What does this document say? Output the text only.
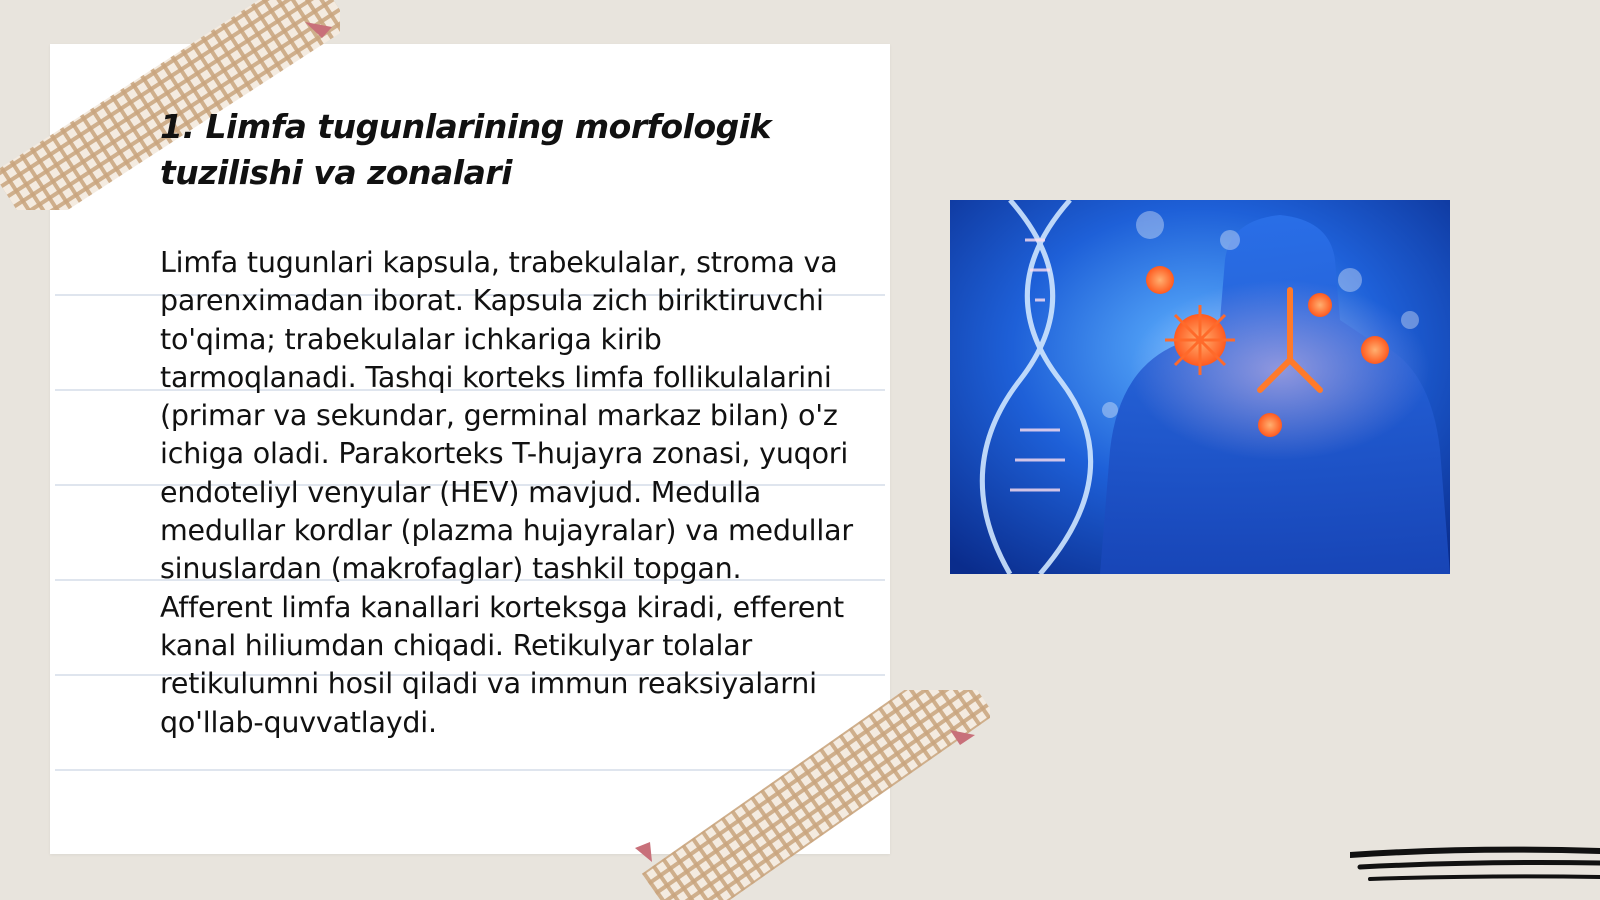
1. Limfa tugunlarining morfologik tuzilishi va zonalari

Limfa tugunlari kapsula, trabekulalar, stroma va parenximadan iborat. Kapsula zich biriktiruvchi to'qima; trabekulalar ichkariga kirib tarmoqlanadi. Tashqi korteks limfa follikulalarini (primar va sekundar, germinal markaz bilan) o'z ichiga oladi. Parakorteks T-hujayra zonasi, yuqori endoteliyl venyular (HEV) mavjud. Medulla medullar kordlar (plazma hujayralar) va medullar sinuslardan (makrofaglar) tashkil topgan. Afferent limfa kanallari korteksga kiradi, efferent kanal hiliumdan chiqadi. Retikulyar tolalar retikulumni hosil qiladi va immun reaksiyalarni qo'llab-quvvatlaydi.
